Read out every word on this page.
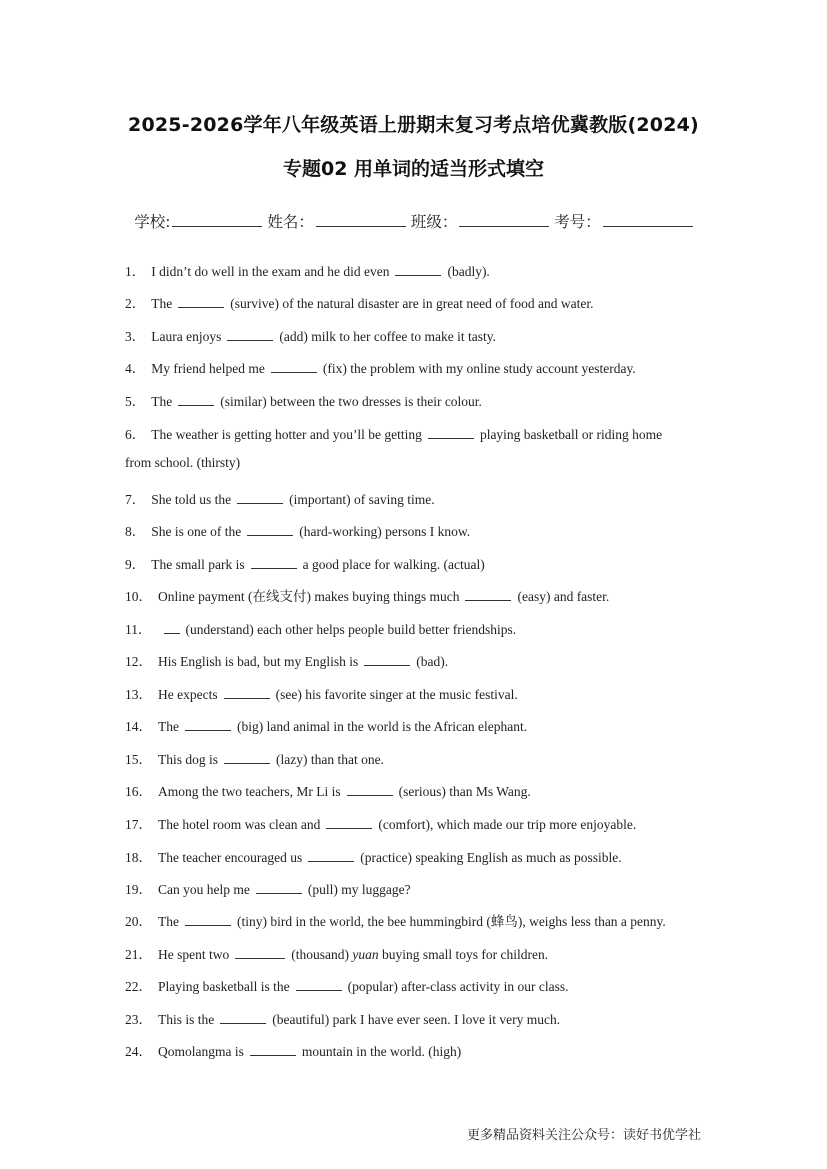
2025-2026学年八年级英语上册期末复习考点培优冀教版(2024)
专题02 用单词的适当形式填空
学校:	姓名：	班级：	考号：
1． I didn’t do well in the exam and he did even	(badly).
2． The	(survive) of the natural disaster are in great need of food and water.
3． Laura enjoys	(add) milk to her coffee to make it tasty.
4． My friend helped me	(fix) the problem with my online study account yesterday.
5． The	(similar) between the two dresses is their colour.
6． The weather is getting hotter and you’ll be getting	playing basketball or riding home
from school. (thirsty)
7． She told us the	(important) of saving time.
8． She is one of the	(hard-working) persons I know.
9． The small park is	a good place for walking. (actual)
10． Online payment (在线支付) makes buying things much	(easy) and faster.
11．	(understand) each other helps people build better friendships.
12． His English is bad, but my English is	(bad).
13． He expects	(see) his favorite singer at the music festival.
14． The	(big) land animal in the world is the African elephant.
15． This dog is	(lazy) than that one.
16． Among the two teachers, Mr Li is	(serious) than Ms Wang.
17． The hotel room was clean and	(comfort), which made our trip more enjoyable.
18． The teacher encouraged us	(practice) speaking English as much as possible.
19． Can you help me	(pull) my luggage?
20． The	(tiny) bird in the world, the bee hummingbird (蜂鸟), weighs less than a penny.
21． He spent two	(thousand) yuan buying small toys for children.
22． Playing basketball is the	(popular) after-class activity in our class.
23． This is the	(beautiful) park I have ever seen. I love it very much.
24． Qomolangma is	mountain in the world. (high)
更多精品资料关注公众号：读好书优学社
